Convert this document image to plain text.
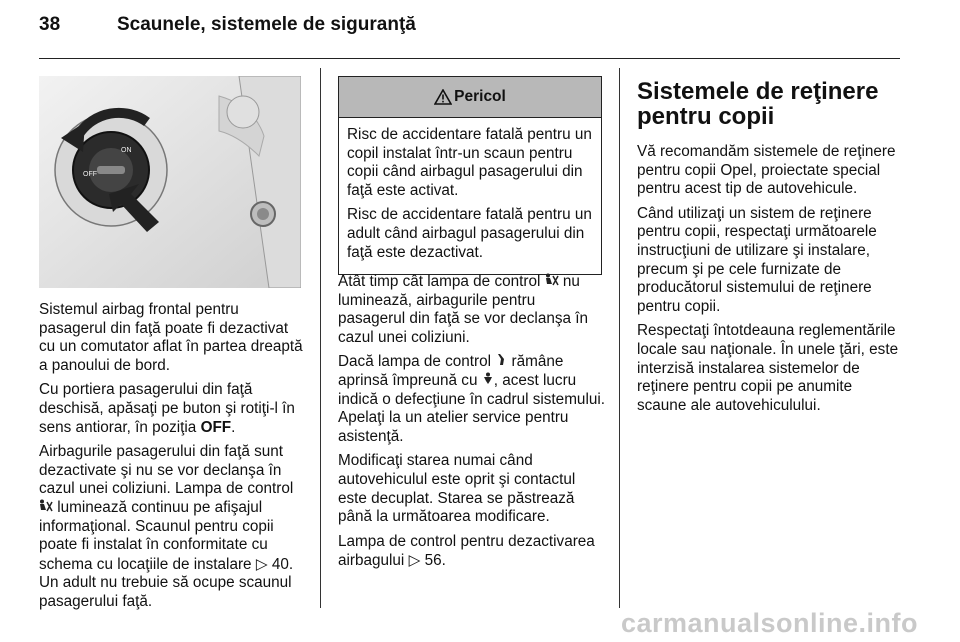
38	Scaunele, sistemele de siguranţă
ON
OFF

Sistemul airbag frontal pentru pasagerul din faţă poate fi dezactivat cu un comutator aflat în partea dreaptă a panoului de bord.

Cu portiera pasagerului din faţă deschisă, apăsaţi pe buton şi rotiţi-l în sens antiorar, în poziţia OFF.

Airbagurile pasagerului din faţă sunt dezactivate şi nu se vor declanşa în cazul unei coliziuni. Lampa de control  luminează continuu pe afişajul informaţional. Scaunul pentru copii poate fi instalat în conformitate cu schema cu locaţiile de instalare ▷ 40. Un adult nu trebuie să ocupe scaunul pasagerului faţă.

Pericol

Risc de accidentare fatală pentru un copil instalat într-un scaun pentru copii când airbagul pasagerului din faţă este activat.

Risc de accidentare fatală pentru un adult când airbagul pasagerului din faţă este dezactivat.

Atât timp cât lampa de control  nu luminează, airbagurile pentru pasagerul din faţă se vor declanşa în cazul unei coliziuni.

Dacă lampa de control  rămâne aprinsă împreună cu , acest lucru indică o defecţiune în cadrul sistemului. Apelaţi la un atelier service pentru asistenţă.

Modificaţi starea numai când autovehiculul este oprit şi contactul este decuplat. Starea se păstrează până la următoarea modificare.

Lampa de control pentru dezactivarea airbagului ▷ 56.

Sistemele de reţinere pentru copii

Vă recomandăm sistemele de reţinere pentru copii Opel, proiectate special pentru acest tip de autovehicule.

Când utilizaţi un sistem de reţinere pentru copii, respectaţi următoarele instrucţiuni de utilizare şi instalare, precum şi pe cele furnizate de producătorul sistemului de reţinere pentru copii.

Respectaţi întotdeauna reglementările locale sau naţionale. În unele ţări, este interzisă instalarea sistemelor de reţinere pentru copii pe anumite scaune ale autovehiculului.

carmanualsonline.info
